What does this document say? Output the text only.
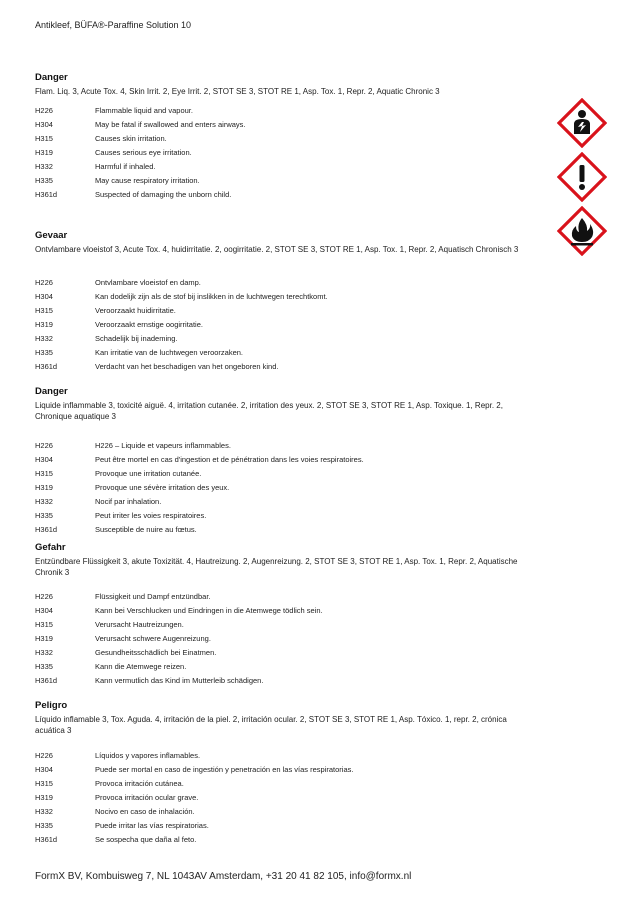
Antikleef, BÜFA®-Paraffine Solution 10
Danger
Flam. Liq. 3, Acute Tox. 4, Skin Irrit. 2, Eye Irrit. 2, STOT SE 3, STOT RE 1, Asp. Tox. 1, Repr. 2, Aquatic Chronic 3
H226	Flammable liquid and vapour.
H304	May be fatal if swallowed and enters airways.
H315	Causes skin irritation.
H319	Causes serious eye irritation.
H332	Harmful if inhaled.
H335	May cause respiratory irritation.
H361d	Suspected of damaging the unborn child.
Gevaar
Ontvlambare vloeistof 3, Acute Tox. 4, huidirritatie. 2, oogirritatie. 2, STOT SE 3, STOT RE 1, Asp. Tox. 1, Repr. 2, Aquatisch Chronisch 3
H226	Ontvlambare vloeistof en damp.
H304	Kan dodelijk zijn als de stof bij inslikken in de luchtwegen terechtkomt.
H315	Veroorzaakt huidirritatie.
H319	Veroorzaakt ernstige oogirritatie.
H332	Schadelijk bij inademing.
H335	Kan irritatie van de luchtwegen veroorzaken.
H361d	Verdacht van het beschadigen van het ongeboren kind.
Danger
Liquide inflammable 3, toxicité aiguë. 4, irritation cutanée. 2, irritation des yeux. 2, STOT SE 3, STOT RE 1, Asp. Toxique. 1, Repr. 2, Chronique aquatique 3
H226	H226 – Liquide et vapeurs inflammables.
H304	Peut être mortel en cas d'ingestion et de pénétration dans les voies respiratoires.
H315	Provoque une irritation cutanée.
H319	Provoque une sévère irritation des yeux.
H332	Nocif par inhalation.
H335	Peut irriter les voies respiratoires.
H361d	Susceptible de nuire au fœtus.
Gefahr
Entzündbare Flüssigkeit 3, akute Toxizität. 4, Hautreizung. 2, Augenreizung. 2, STOT SE 3, STOT RE 1, Asp. Tox. 1, Repr. 2, Aquatische Chronik 3
H226	Flüssigkeit und Dampf entzündbar.
H304	Kann bei Verschlucken und Eindringen in die Atemwege tödlich sein.
H315	Verursacht Hautreizungen.
H319	Verursacht schwere Augenreizung.
H332	Gesundheitsschädlich bei Einatmen.
H335	Kann die Atemwege reizen.
H361d	Kann vermutlich das Kind im Mutterleib schädigen.
Peligro
Líquido inflamable 3, Tox. Aguda. 4, irritación de la piel. 2, irritación ocular. 2, STOT SE 3, STOT RE 1, Asp. Tóxico. 1, repr. 2, crónica acuática 3
H226	Líquidos y vapores inflamables.
H304	Puede ser mortal en caso de ingestión y penetración en las vías respiratorias.
H315	Provoca irritación cutánea.
H319	Provoca irritación ocular grave.
H332	Nocivo en caso de inhalación.
H335	Puede irritar las vías respiratorias.
H361d	Se sospecha que daña al feto.
FormX BV, Kombuisweg 7, NL 1043AV Amsterdam, +31 20 41 82 105, info@formx.nl
